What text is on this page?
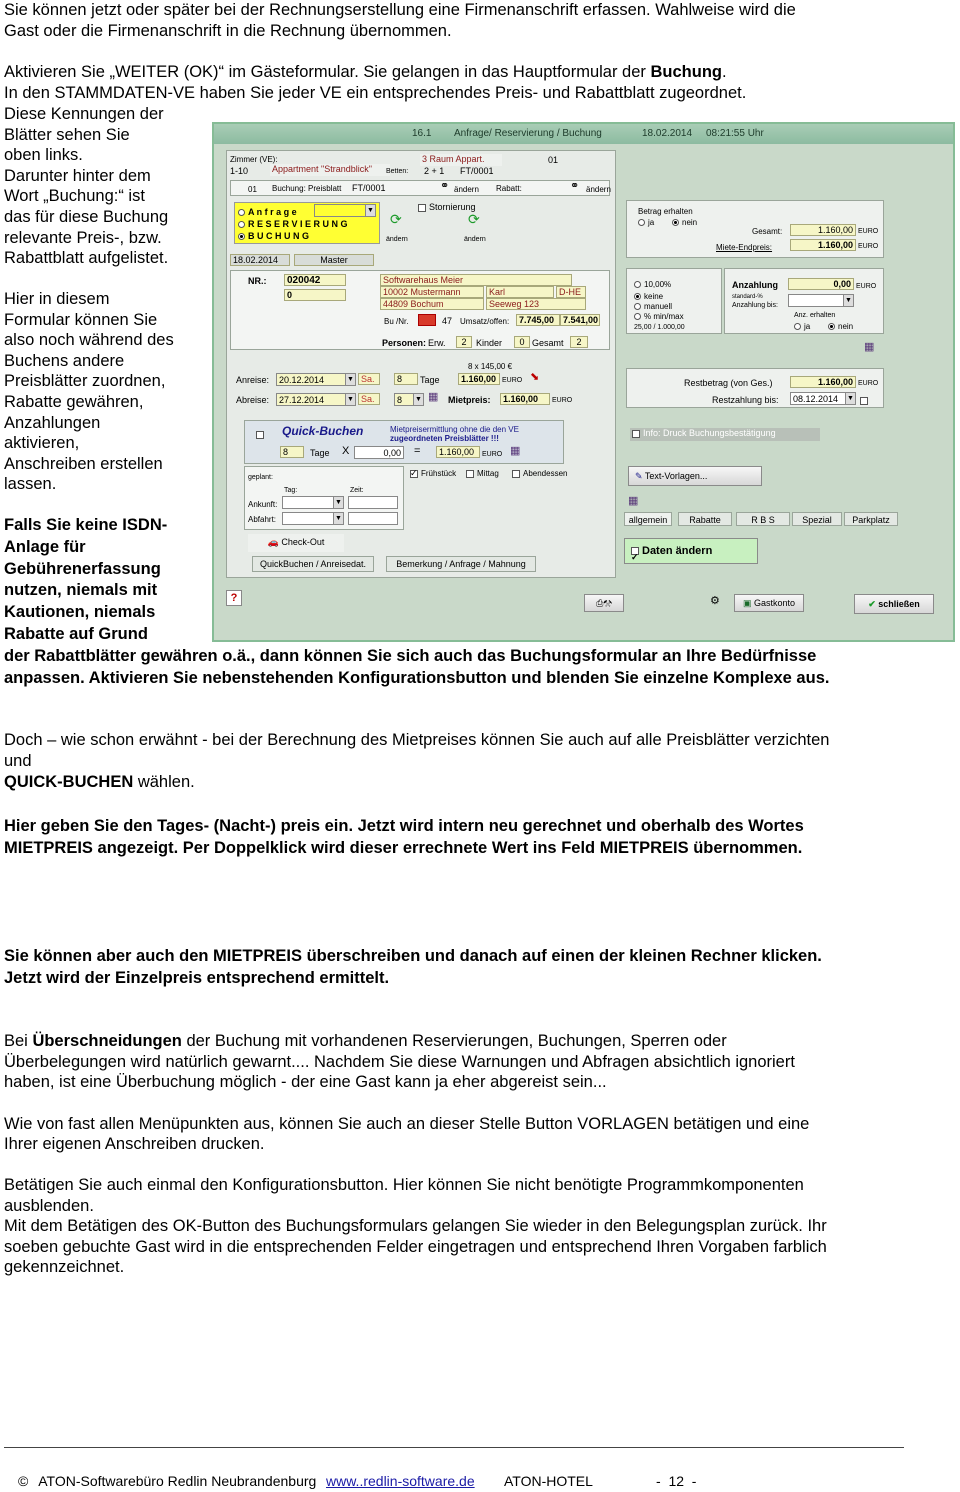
Sie können jetzt oder später bei der Rechnungserstellung eine Firmenanschrift erfassen. Wahlweise wird die
Gast oder die Firmenanschrift in die Rechnung übernommen.
Aktivieren Sie „WEITER (OK)“ im Gästeformular. Sie gelangen in das Hauptformular der Buchung.
In den STAMMDATEN-VE haben Sie jeder VE ein entsprechendes Preis- und Rabattblatt zugeordnet.
Diese Kennungen der
Blätter sehen Sie
oben links.
Darunter hinter dem
Wort „Buchung:“ ist
das für diese Buchung
relevante Preis-, bzw.
Rabattblatt aufgelistet.
Hier in diesem
Formular können Sie
also noch während des
Buchens andere
Preisblätter zuordnen,
Rabatte gewähren,
Anzahlungen
aktivieren,
Anschreiben erstellen
lassen.
Falls Sie keine ISDN-
Anlage für
Gebührenerfassung
nutzen, niemals mit
Kautionen, niemals
Rabatte auf Grund
der Rabattblätter gewähren o.ä., dann können Sie sich auch das Buchungsformular an Ihre Bedürfnisse
anpassen. Aktivieren Sie nebenstehenden Konfigurationsbutton und blenden Sie einzelne Komplexe aus.
Doch – wie schon erwähnt - bei der Berechnung des Mietpreises können Sie auch auf alle Preisblätter verzichten
und
QUICK-BUCHEN wählen.
Hier geben Sie den Tages- (Nacht-) preis ein. Jetzt wird intern neu gerechnet und oberhalb des Wortes
MIETPREIS angezeigt. Per Doppelklick wird dieser errechnete Wert ins Feld MIETPREIS übernommen.
Sie können aber auch den MIETPREIS überschreiben und danach auf einen der kleinen Rechner klicken.
Jetzt wird der Einzelpreis entsprechend ermittelt.
Bei Überschneidungen der Buchung mit vorhandenen Reservierungen, Buchungen, Sperren oder
Überbelegungen wird natürlich gewarnt.... Nachdem Sie diese Warnungen und Abfragen absichtlich ignoriert
haben, ist eine Überbuchung möglich - der eine Gast kann ja eher abgereist sein...
Wie von fast allen Menüpunkten aus, können Sie auch an dieser Stelle Button VORLAGEN betätigen und eine
Ihrer eigenen Anschreiben drucken.
Betätigen Sie auch einmal den Konfigurationsbutton. Hier können Sie nicht benötigte Programmkomponenten
ausblenden.
Mit dem Betätigen des OK-Button des Buchungsformulars gelangen Sie wieder in den Belegungsplan zurück. Ihr
soeben gebuchte Gast wird in die entsprechenden Felder eingetragen und entsprechend Ihren Vorgaben farblich
gekennzeichnet.
© ATON-Softwarebüro Redlin Neubrandenburg www..redlin-software.de ATON-HOTEL	-  12  -
16.1 Anfrage/ Reservierung / Buchung	18.02.2014 08:21:55 Uhr
Zimmer (VE):
1-10	Appartment "Strandblick"	Betten:
3 Raum Appart.	01
2 + 1 FT/0001
01 Buchung: Preisblatt FT/0001	⚭ ändern Rabatt:	⚭ ändern
A n f r a g e	▼
R E S E R V I E R U N G
B U C H U N G
⟳
ändern
Stornierung
⟳
ändern
18.02.2014	Master
NR.:	020042
0
Softwarehaus Meier
10002 Mustermann	Karl	D-HE
44809 Bochum	Seeweg 123
Bu /Nr.	47 Umsatz/offen:	7.745,00 7.541,00
Personen: Erw.	2	Kinder	0 Gesamt	2
8 x 145,00 €
Anreise:	20.12.2014	▼ Sa.	8	Tage	1.160,00 EURO ⬊
Abreise:	27.12.2014	▼ Sa.	8 ▼ ▦ Mietpreis:	1.160,00	EURO
Quick-Buchen	Mietpreisermittlung ohne die den VE
zugeordneten Preisblätter !!!
8	Tage X	0,00 =	1.160,00	EURO ▦
geplant:
Tag:	Zeit:
Ankunft:	▼
Abfahrt:	▼
✓Frühstück	Mittag	Abendessen
🚗 Check-Out
QuickBuchen / Anreisedat.	Bemerkung / Anfrage / Mahnung
Betrag erhalten
ja	nein
Gesamt:	1.160,00 EURO
Miete-Endpreis:	1.160,00 EURO
10,00%
keine
manuell
% min/max
25,00 / 1.000,00
Anzahlung	0,00 EURO
standard-%
Anzahlung bis:
▼
Anz. erhalten
ja	nein
▦
Restbetrag (von Ges.)	1.160,00 EURO
Restzahlung bis:	08.12.2014 ▼
Info: Druck Buchungsbestätigung
✎ Text-Vorlagen...
▦
allgemein	Rabatte	R B S	Spezial	Parkplatz
✓Daten ändern
?	⎙⚒	⚙	▣ Gastkonto	✔ schließen
